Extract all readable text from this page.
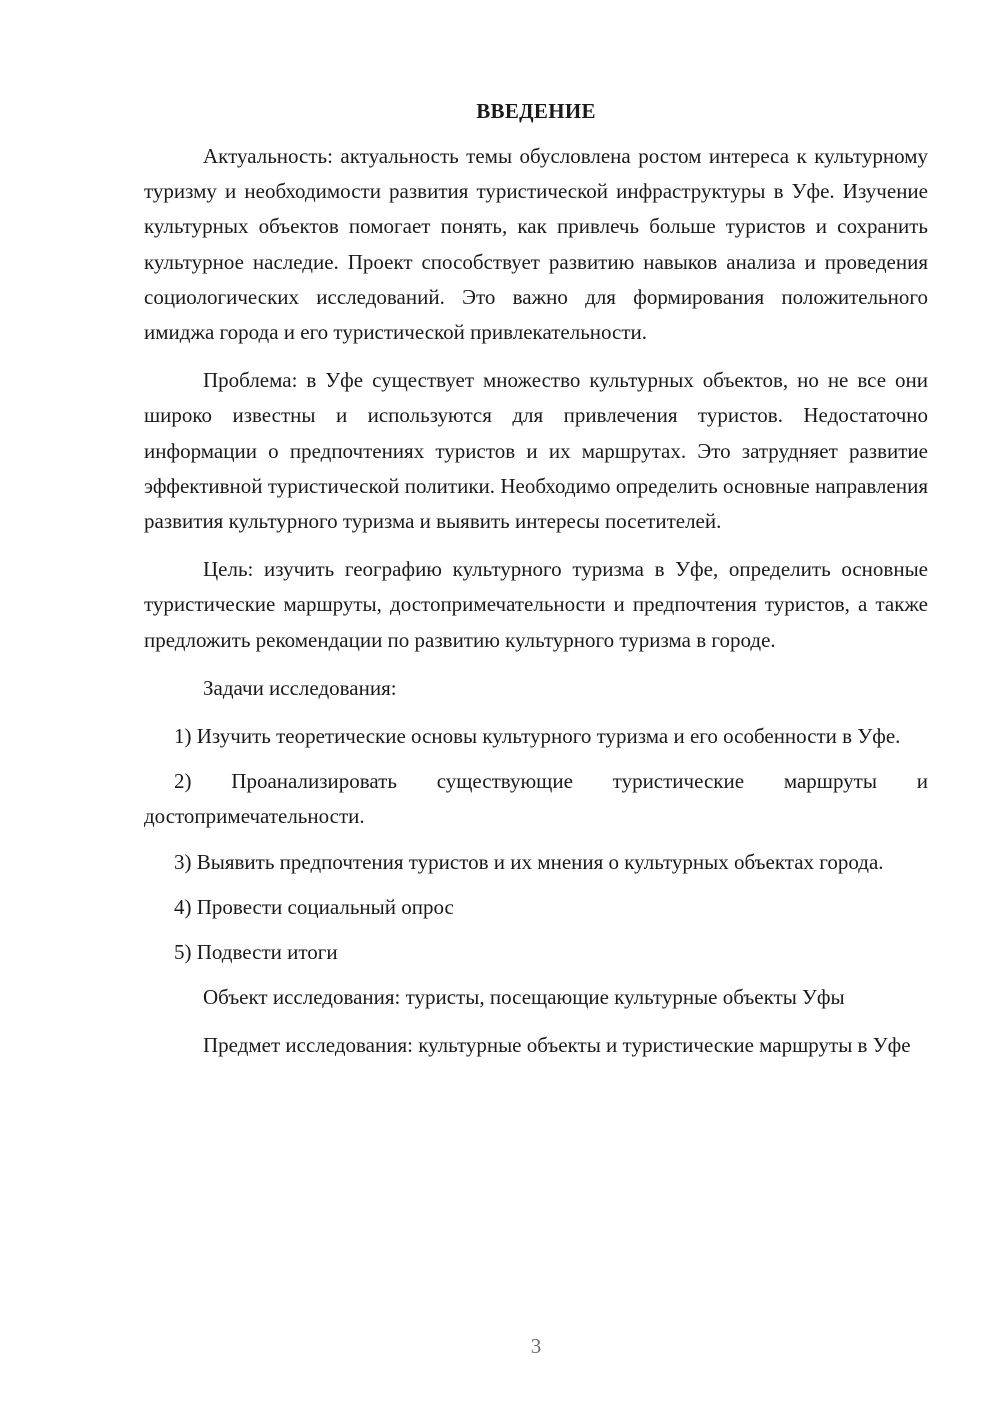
ВВЕДЕНИЕ

Актуальность: актуальность темы обусловлена ростом интереса к культурному туризму и необходимости развития туристической инфраструктуры в Уфе. Изучение культурных объектов помогает понять, как привлечь больше туристов и сохранить культурное наследие. Проект способствует развитию навыков анализа и проведения социологических исследований. Это важно для формирования положительного имиджа города и его туристической привлекательности.

Проблема: в Уфе существует множество культурных объектов, но не все они широко известны и используются для привлечения туристов. Недостаточно информации о предпочтениях туристов и их маршрутах. Это затрудняет развитие эффективной туристической политики. Необходимо определить основные направления развития культурного туризма и выявить интересы посетителей.

Цель: изучить географию культурного туризма в Уфе, определить основные туристические маршруты, достопримечательности и предпочтения туристов, а также предложить рекомендации по развитию культурного туризма в городе.

Задачи исследования:

1) Изучить теоретические основы культурного туризма и его особенности в Уфе.

2) Проанализировать существующие туристические маршруты и достопримечательности.

3) Выявить предпочтения туристов и их мнения о культурных объектах города.

4) Провести социальный опрос

5) Подвести итоги

Объект исследования: туристы, посещающие культурные объекты Уфы

Предмет исследования: культурные объекты и туристические маршруты в Уфе

3
